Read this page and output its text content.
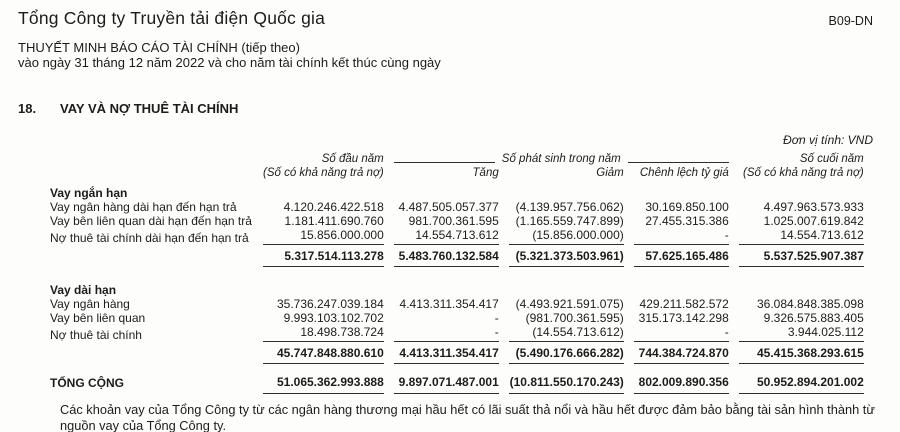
Tổng Công ty Truyền tải điện Quốc gia	B09-DN
THUYẾT MINH BÁO CÁO TÀI CHÍNH (tiếp theo)
vào ngày 31 tháng 12 năm 2022 và cho năm tài chính kết thúc cùng ngày
18.	VAY VÀ NỢ THUÊ TÀI CHÍNH
Đơn vị tính: VND
	Số đầu năm	Số phát sinh trong năm			Số cuối năm
	(Số có khả năng trả nợ)	Tăng	Giảm	Chênh lệch tỷ giá	(Số có khả năng trả nợ)
Vay ngắn hạn					
Vay ngân hàng dài hạn đến hạn trả	4.120.246.422.518	4.487.505.057.377	(4.139.957.756.062)	30.169.850.100	4.497.963.573.933
Vay bên liên quan dài hạn đến hạn trả	1.181.411.690.760	981.700.361.595	(1.165.559.747.899)	27.455.315.386	1.025.007.619.842
Nợ thuê tài chính dài hạn đến hạn trả	15.856.000.000	14.554.713.612	(15.856.000.000)	-	14.554.713.612
	5.317.514.113.278	5.483.760.132.584	(5.321.373.503.961)	57.625.165.486	5.537.525.907.387

Vay dài hạn					
Vay ngân hàng	35.736.247.039.184	4.413.311.354.417	(4.493.921.591.075)	429.211.582.572	36.084.848.385.098
Vay bên liên quan	9.993.103.102.702	-	(981.700.361.595)	315.173.142.298	9.326.575.883.405
Nợ thuê tài chính	18.498.738.724	-	(14.554.713.612)	-	3.944.025.112
	45.747.848.880.610	4.413.311.354.417	(5.490.176.666.282)	744.384.724.870	45.415.368.293.615

TỔNG CỘNG	51.065.362.993.888	9.897.071.487.001	(10.811.550.170.243)	802.009.890.356	50.952.894.201.002
Các khoản vay của Tổng Công ty từ các ngân hàng thương mại hầu hết có lãi suất thả nổi và hầu hết được đảm bảo bằng tài sản hình thành từ nguồn vay của Tổng Công ty.
